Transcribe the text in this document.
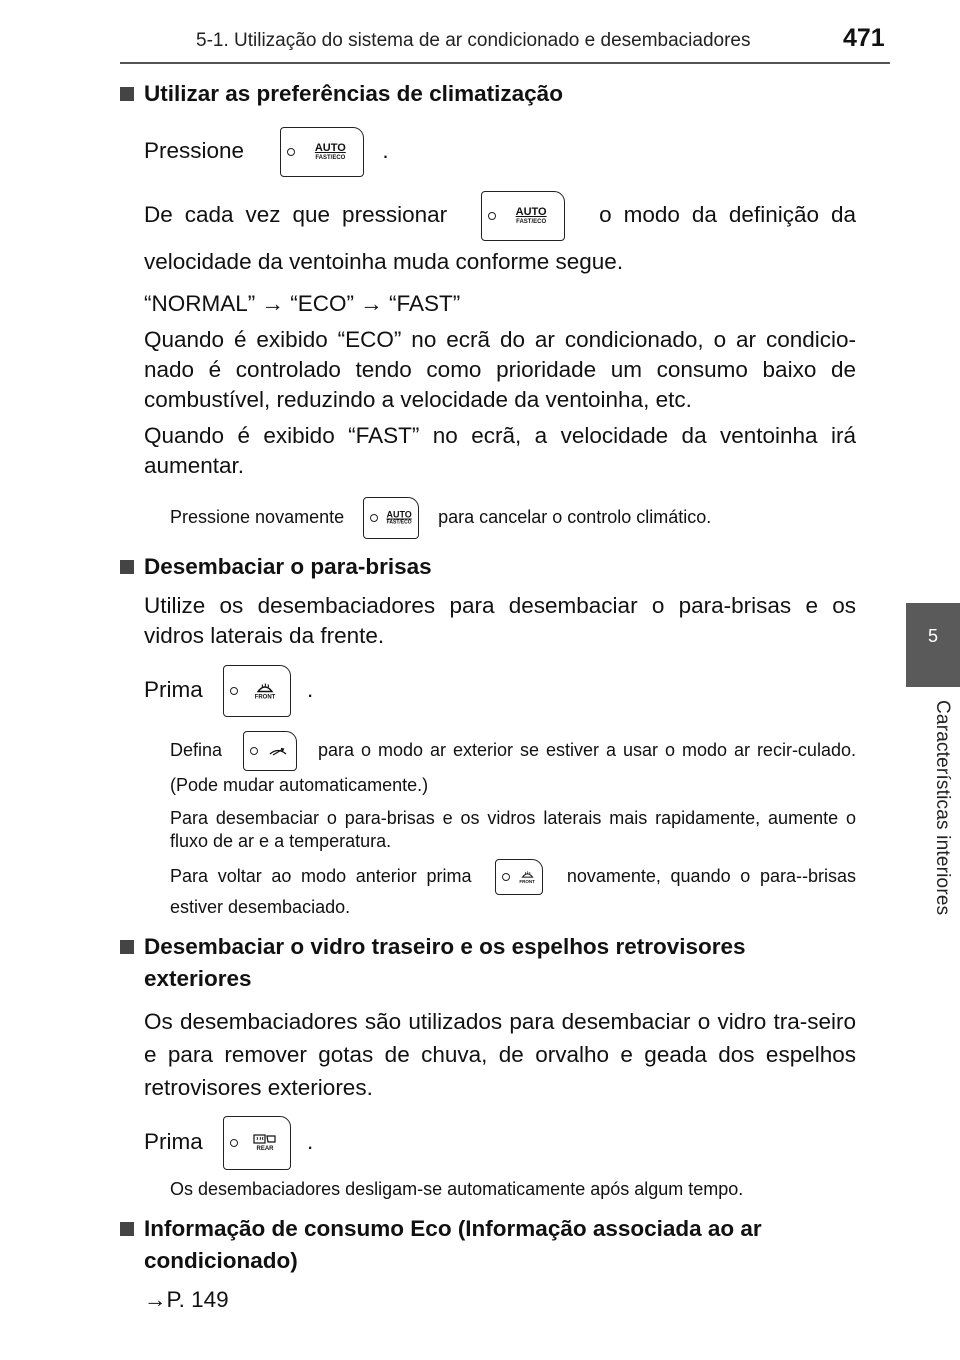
5-1. Utilização do sistema de ar condicionado e desembaciadores	471
5
Características interiores
Utilizar as preferências de climatização
Pressione	AUTO
FAST/ECO	.
De cada vez que pressionar	AUTO
FAST/ECO	o modo da definição da velocidade da ventoinha muda conforme segue.
“NORMAL” → “ECO” → “FAST”
Quando é exibido “ECO” no ecrã do ar condicionado, o ar condicio-nado é controlado tendo como prioridade um consumo baixo de combustível, reduzindo a velocidade da ventoinha, etc.
Quando é exibido “FAST” no ecrã, a velocidade da ventoinha irá aumentar.
Pressione novamente	AUTO
FAST/ECO para cancelar o controlo climático.
Desembaciar o para-brisas
Utilize os desembaciadores para desembaciar o para-brisas e os vidros laterais da frente.
Prima	FRONT	.
Defina	para o modo ar exterior se estiver a usar o modo ar recir-culado. (Pode mudar automaticamente.)
Para desembaciar o para-brisas e os vidros laterais mais rapidamente, aumente o fluxo de ar e a temperatura.
Para voltar ao modo anterior prima	FRONT novamente, quando o para--brisas estiver desembaciado.
Desembaciar o vidro traseiro e os espelhos retrovisores exteriores
Os desembaciadores são utilizados para desembaciar o vidro tra-seiro e para remover gotas de chuva, de orvalho e geada dos espelhos retrovisores exteriores.
Prima	REAR	.
Os desembaciadores desligam-se automaticamente após algum tempo.
Informação de consumo Eco (Informação associada ao ar condicionado)
→P. 149
